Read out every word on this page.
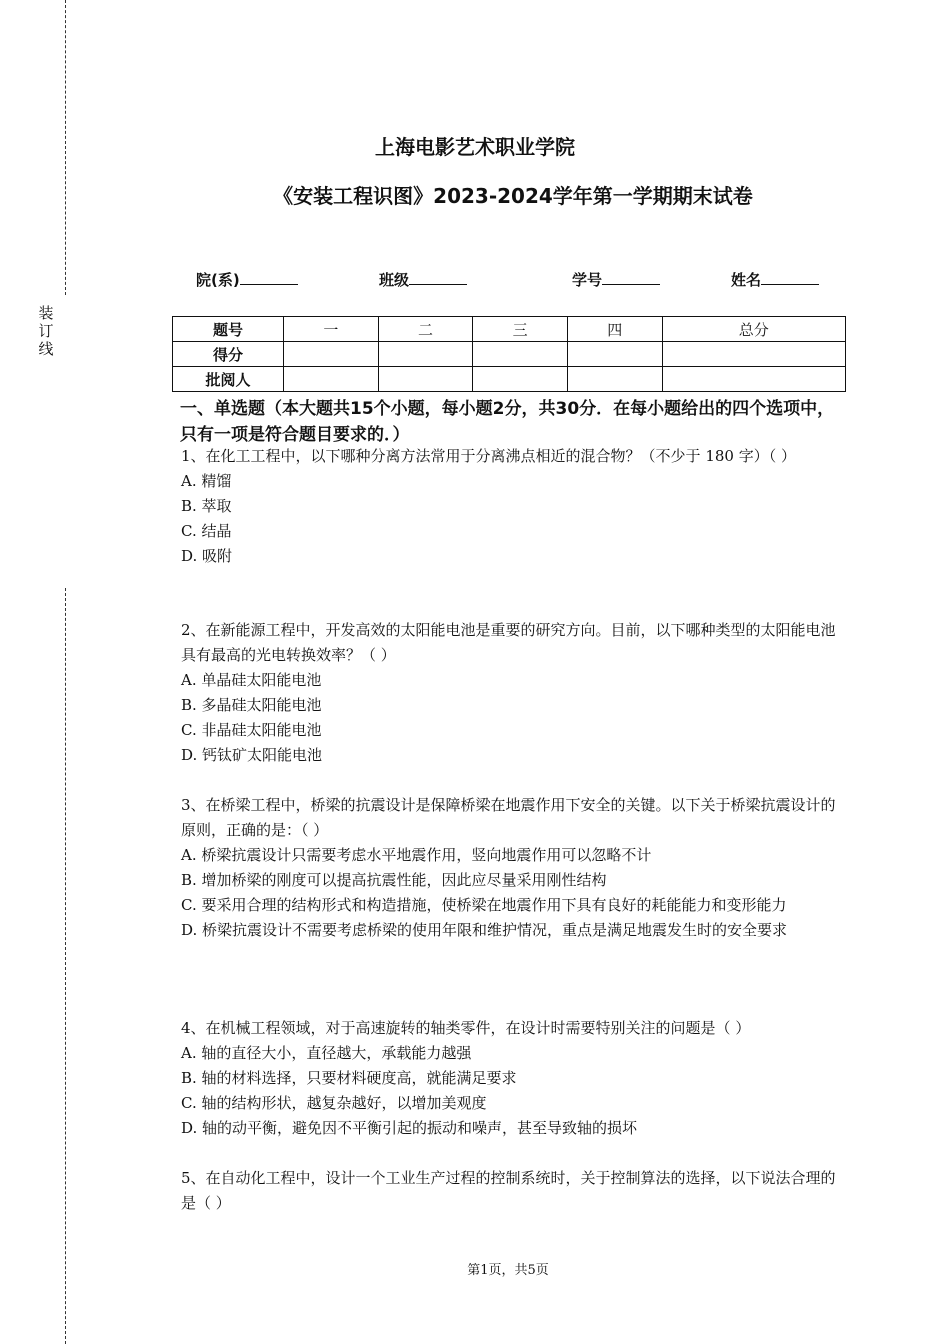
装
订
线
上海电影艺术职业学院
《安装工程识图》2023-2024学年第一学期期末试卷
院(系)	班级	学号	姓名
题号	一	二	三	四	总分
得分					
批阅人					
一、单选题（本大题共15个小题，每小题2分，共30分．在每小题给出的四个选项中，只有一项是符合题目要求的．）

1、在化工工程中，以下哪种分离方法常用于分离沸点相近的混合物？（不少于 180 字）（ ）

A. 精馏

B. 萃取

C. 结晶

D. 吸附

2、在新能源工程中，开发高效的太阳能电池是重要的研究方向。目前，以下哪种类型的太阳能电池具有最高的光电转换效率？（ ）

A. 单晶硅太阳能电池

B. 多晶硅太阳能电池

C. 非晶硅太阳能电池

D. 钙钛矿太阳能电池

3、在桥梁工程中，桥梁的抗震设计是保障桥梁在地震作用下安全的关键。以下关于桥梁抗震设计的原则，正确的是：（ ）

A. 桥梁抗震设计只需要考虑水平地震作用，竖向地震作用可以忽略不计

B. 增加桥梁的刚度可以提高抗震性能，因此应尽量采用刚性结构

C. 要采用合理的结构形式和构造措施，使桥梁在地震作用下具有良好的耗能能力和变形能力

D. 桥梁抗震设计不需要考虑桥梁的使用年限和维护情况，重点是满足地震发生时的安全要求

4、在机械工程领域，对于高速旋转的轴类零件，在设计时需要特别关注的问题是（ ）

A. 轴的直径大小，直径越大，承载能力越强

B. 轴的材料选择，只要材料硬度高，就能满足要求

C. 轴的结构形状，越复杂越好，以增加美观度

D. 轴的动平衡，避免因不平衡引起的振动和噪声，甚至导致轴的损坏

5、在自动化工程中，设计一个工业生产过程的控制系统时，关于控制算法的选择，以下说法合理的是（ ）

第1页，共5页
